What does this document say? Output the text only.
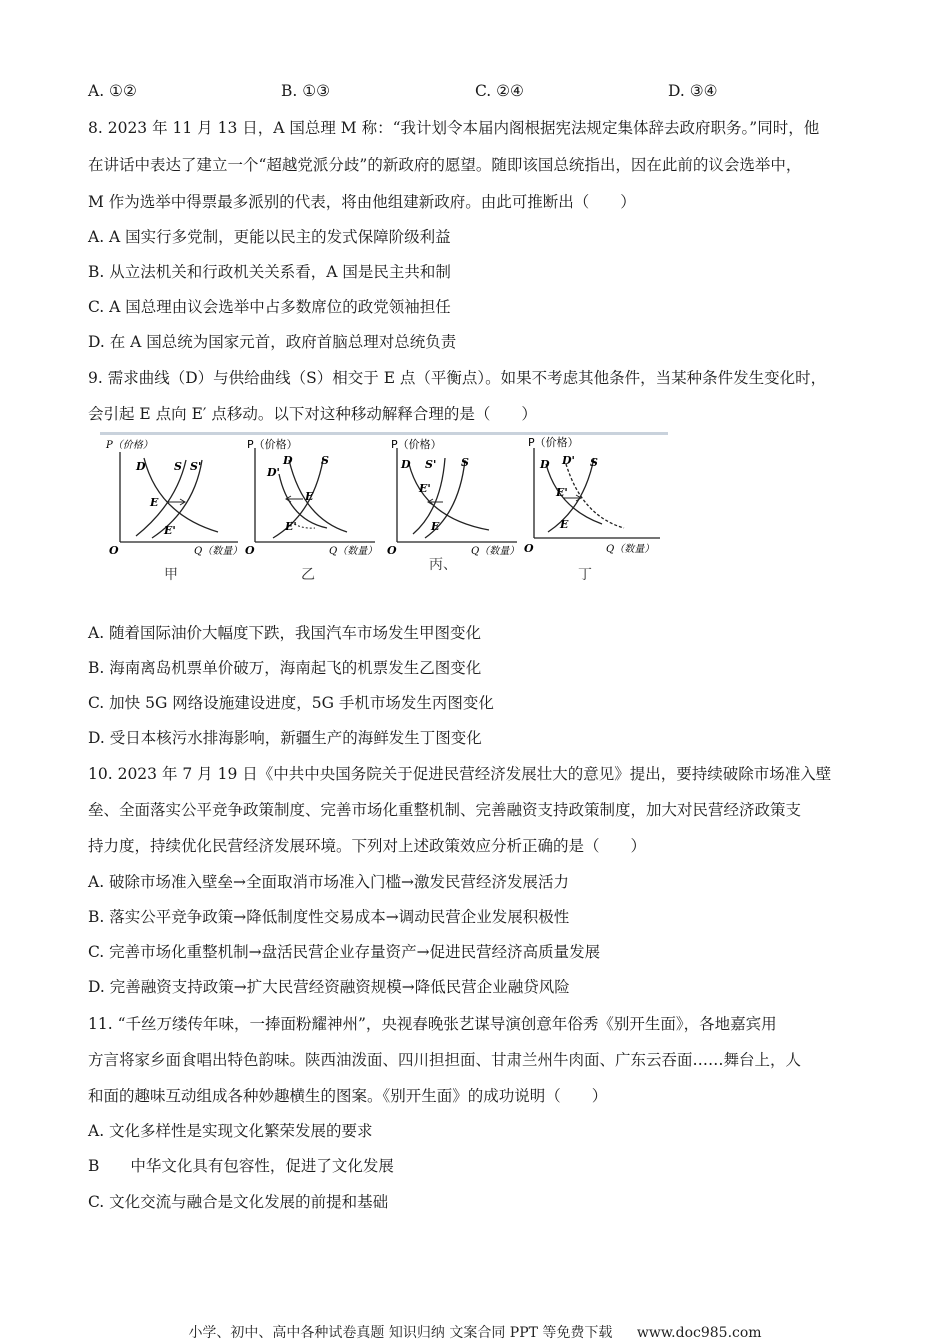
A. ①②	B. ①③	C. ②④	D. ③④
8. 2023 年 11 月 13 日，A 国总理 M 称：“我计划令本届内阁根据宪法规定集体辞去政府职务。”同时，他
在讲话中表达了建立一个“超越党派分歧”的新政府的愿望。随即该国总统指出，因在此前的议会选举中，
M 作为选举中得票最多派别的代表，将由他组建新政府。由此可推断出（　　）
A. A 国实行多党制，更能以民主的发式保障阶级利益
B. 从立法机关和行政机关关系看，A 国是民主共和制
C. A 国总理由议会选举中占多数席位的政党领袖担任
D. 在 A 国总统为国家元首，政府首脑总理对总统负责
9. 需求曲线（D）与供给曲线（S）相交于 E 点（平衡点）。如果不考虑其他条件，当某种条件发生变化时，
会引起 E 点向 E′ 点移动。以下对这种移动解释合理的是（　　）
P（价格）
O	Q（数量）
D	S S'
E
E'
甲
P（价格）
O	Q（数量）
D'
D	S
E
E'
乙
P（价格）
O	Q（数量）
D S' S
E'
E
丙、
P（价格）
O	Q（数量）
D D' S
E'
E
丁
A. 随着国际油价大幅度下跌，我国汽车市场发生甲图变化
B. 海南离岛机票单价破万，海南起飞的机票发生乙图变化
C. 加快 5G 网络设施建设进度，5G 手机市场发生丙图变化
D. 受日本核污水排海影响，新疆生产的海鲜发生丁图变化
10. 2023 年 7 月 19 日《中共中央国务院关于促进民营经济发展壮大的意见》提出，要持续破除市场准入壁
垒、全面落实公平竞争政策制度、完善市场化重整机制、完善融资支持政策制度，加大对民营经济政策支
持力度，持续优化民营经济发展环境。下列对上述政策效应分析正确的是（　　）
A. 破除市场准入壁垒→全面取消市场准入门槛→激发民营经济发展活力
B. 落实公平竞争政策→降低制度性交易成本→调动民营企业发展积极性
C. 完善市场化重整机制→盘活民营企业存量资产→促进民营经济高质量发展
D. 完善融资支持政策→扩大民营经资融资规模→降低民营企业融贷风险
11. “千丝万缕传年味，一捧面粉耀神州”，央视春晚张艺谋导演创意年俗秀《别开生面》，各地嘉宾用
方言将家乡面食唱出特色韵味。陕西油泼面、四川担担面、甘肃兰州牛肉面、广东云吞面……舞台上，人
和面的趣味互动组成各种妙趣横生的图案。《别开生面》的成功说明（　　）
A. 文化多样性是实现文化繁荣发展的要求
B　　中华文化具有包容性，促进了文化发展
C. 文化交流与融合是文化发展的前提和基础
小学、初中、高中各种试卷真题 知识归纳 文案合同 PPT 等免费下载 www.doc985.com
